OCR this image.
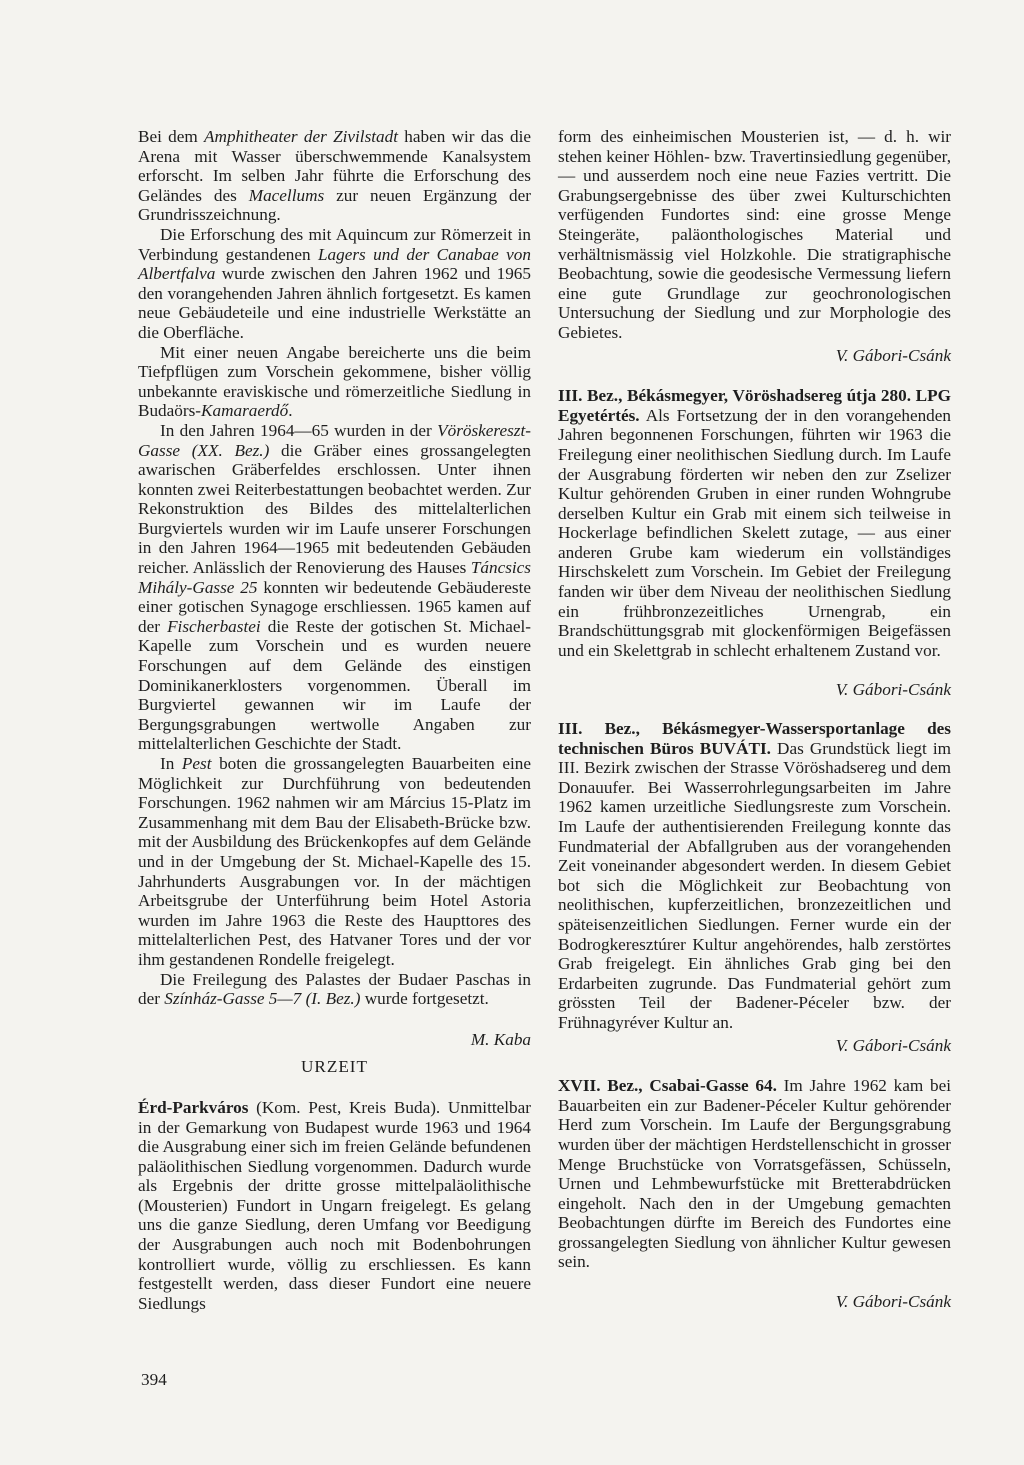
Bei dem Amphitheater der Zivilstadt haben wir das die Arena mit Wasser überschwemmende Kanalsystem erforscht. Im selben Jahr führte die Erforschung des Geländes des Macellums zur neuen Ergänzung der Grundrisszeichnung.

Die Erforschung des mit Aquincum zur Römerzeit in Verbindung gestandenen Lagers und der Canabae von Albertfalva wurde zwischen den Jahren 1962 und 1965 den vorangehenden Jahren ähnlich fortgesetzt. Es kamen neue Gebäudeteile und eine industrielle Werkstätte an die Oberfläche.

Mit einer neuen Angabe bereicherte uns die beim Tiefpflügen zum Vorschein gekommene, bisher völlig unbekannte eraviskische und römerzeitliche Siedlung in Budaörs-Kamaraerdő.

In den Jahren 1964—65 wurden in der Vöröskereszt-Gasse (XX. Bez.) die Gräber eines grossangelegten awarischen Gräberfeldes erschlossen. Unter ihnen konnten zwei Reiterbestattungen beobachtet werden. Zur Rekonstruktion des Bildes des mittelalterlichen Burgviertels wurden wir im Laufe unserer Forschungen in den Jahren 1964—1965 mit bedeutenden Gebäuden reicher. Anlässlich der Renovierung des Hauses Táncsics Mihály-Gasse 25 konnten wir bedeutende Gebäudereste einer gotischen Synagoge erschliessen. 1965 kamen auf der Fischerbastei die Reste der gotischen St. Michael-Kapelle zum Vorschein und es wurden neuere Forschungen auf dem Gelände des einstigen Dominikanerklosters vorgenommen. Überall im Burgviertel gewannen wir im Laufe der Bergungsgrabungen wertwolle Angaben zur mittelalterlichen Geschichte der Stadt.

In Pest boten die grossangelegten Bauarbeiten eine Möglichkeit zur Durchführung von bedeutenden Forschungen. 1962 nahmen wir am Március 15-Platz im Zusammenhang mit dem Bau der Elisabeth-Brücke bzw. mit der Ausbildung des Brückenkopfes auf dem Gelände und in der Umgebung der St. Michael-Kapelle des 15. Jahrhunderts Ausgrabungen vor. In der mächtigen Arbeitsgrube der Unterführung beim Hotel Astoria wurden im Jahre 1963 die Reste des Haupttores des mittelalterlichen Pest, des Hatvaner Tores und der vor ihm gestandenen Rondelle freigelegt.

Die Freilegung des Palastes der Budaer Paschas in der Színház-Gasse 5—7 (I. Bez.) wurde fortgesetzt.

M. Kaba

URZEIT

Érd-Parkváros (Kom. Pest, Kreis Buda). Unmittelbar in der Gemarkung von Budapest wurde 1963 und 1964 die Ausgrabung einer sich im freien Gelände befundenen paläolithischen Siedlung vorgenommen. Dadurch wurde als Ergebnis der dritte grosse mittelpaläolithische (Mousterien) Fundort in Ungarn freigelegt. Es gelang uns die ganze Siedlung, deren Umfang vor Beedigung der Ausgrabungen auch noch mit Bodenbohrungen kontrolliert wurde, völlig zu erschliessen. Es kann festgestellt werden, dass dieser Fundort eine neuere Siedlungs

form des einheimischen Mousterien ist, — d. h. wir stehen keiner Höhlen- bzw. Travertinsiedlung gegenüber, — und ausserdem noch eine neue Fazies vertritt. Die Grabungsergebnisse des über zwei Kulturschichten verfügenden Fundortes sind: eine grosse Menge Steingeräte, paläonthologisches Material und verhältnismässig viel Holzkohle. Die stratigraphische Beobachtung, sowie die geodesische Vermessung liefern eine gute Grundlage zur geochronologischen Untersuchung der Siedlung und zur Morphologie des Gebietes.

V. Gábori-Csánk

III. Bez., Békásmegyer, Vöröshadsereg útja 280. LPG Egyetértés. Als Fortsetzung der in den vorangehenden Jahren begonnenen Forschungen, führten wir 1963 die Freilegung einer neolithischen Siedlung durch. Im Laufe der Ausgrabung förderten wir neben den zur Zselizer Kultur gehörenden Gruben in einer runden Wohngrube derselben Kultur ein Grab mit einem sich teilweise in Hockerlage befindlichen Skelett zutage, — aus einer anderen Grube kam wiederum ein vollständiges Hirschskelett zum Vorschein. Im Gebiet der Freilegung fanden wir über dem Niveau der neolithischen Siedlung ein frühbronzezeitliches Urnengrab, ein Brandschüttungsgrab mit glockenförmigen Beigefässen und ein Skelettgrab in schlecht erhaltenem Zustand vor.

V. Gábori-Csánk

III. Bez., Békásmegyer-Wassersportanlage des technischen Büros BUVÁTI. Das Grundstück liegt im III. Bezirk zwischen der Strasse Vöröshadsereg und dem Donauufer. Bei Wasserrohrlegungsarbeiten im Jahre 1962 kamen urzeitliche Siedlungsreste zum Vorschein. Im Laufe der authentisierenden Freilegung konnte das Fundmaterial der Abfallgruben aus der vorangehenden Zeit voneinander abgesondert werden. In diesem Gebiet bot sich die Möglichkeit zur Beobachtung von neolithischen, kupferzeitlichen, bronzezeitlichen und späteisenzeitlichen Siedlungen. Ferner wurde ein der Bodrogkeresztúrer Kultur angehörendes, halb zerstörtes Grab freigelegt. Ein ähnliches Grab ging bei den Erdarbeiten zugrunde. Das Fundmaterial gehört zum grössten Teil der Badener-Péceler bzw. der Frühnagyréver Kultur an.

V. Gábori-Csánk

XVII. Bez., Csabai-Gasse 64. Im Jahre 1962 kam bei Bauarbeiten ein zur Badener-Péceler Kultur gehörender Herd zum Vorschein. Im Laufe der Bergungsgrabung wurden über der mächtigen Herdstellenschicht in grosser Menge Bruchstücke von Vorratsgefässen, Schüsseln, Urnen und Lehmbewurfstücke mit Bretterabdrücken eingeholt. Nach den in der Umgebung gemachten Beobachtungen dürfte im Bereich des Fundortes eine grossangelegten Siedlung von ähnlicher Kultur gewesen sein.

V. Gábori-Csánk

394
